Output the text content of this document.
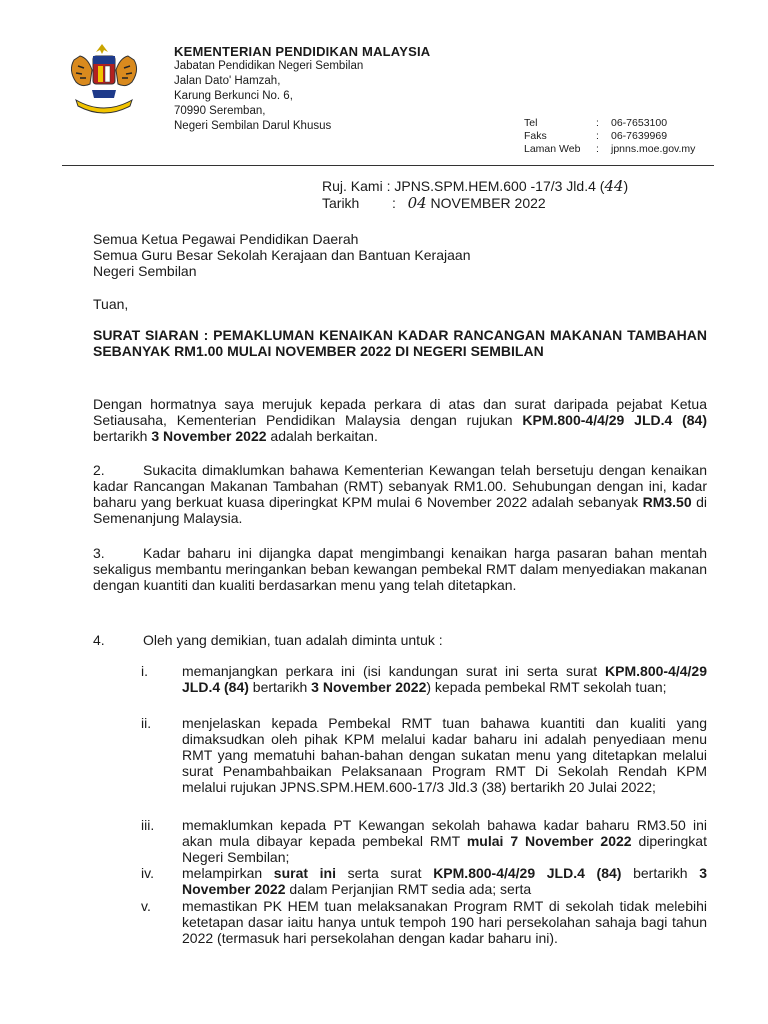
KEMENTERIAN PENDIDIKAN MALAYSIA
Jabatan Pendidikan Negeri Sembilan
Jalan Dato' Hamzah,
Karung Berkunci No. 6,
70990 Seremban,
Negeri Sembilan Darul Khusus	Tel	:	06-7653100
Faks	:	06-7639969
Laman Web	:	jpnns.moe.gov.my
Ruj. Kami
: JPNS.SPM.HEM.600 -17/3 Jld.4 ( 44 )
Tarikh	:
04
NOVEMBER 2022
Semua Ketua Pegawai Pendidikan Daerah
Semua Guru Besar Sekolah Kerajaan dan Bantuan Kerajaan
Negeri Sembilan
Tuan,
SURAT SIARAN : PEMAKLUMAN KENAIKAN KADAR RANCANGAN MAKANAN TAMBAHAN SEBANYAK RM1.00 MULAI NOVEMBER 2022 DI NEGERI SEMBILAN
Dengan hormatnya saya merujuk kepada perkara di atas dan surat daripada pejabat Ketua Setiausaha, Kementerian Pendidikan Malaysia dengan rujukan KPM.800-4/4/29 JLD.4 (84) bertarikh 3 November 2022 adalah berkaitan.
2.	Sukacita dimaklumkan bahawa Kementerian Kewangan telah bersetuju dengan kenaikan kadar Rancangan Makanan Tambahan (RMT) sebanyak RM1.00. Sehubungan dengan ini, kadar baharu yang berkuat kuasa diperingkat KPM mulai 6 November 2022 adalah sebanyak RM3.50 di Semenanjung Malaysia.
3.	Kadar baharu ini dijangka dapat mengimbangi kenaikan harga pasaran bahan mentah sekaligus membantu meringankan beban kewangan pembekal RMT dalam menyediakan makanan dengan kuantiti dan kualiti berdasarkan menu yang telah ditetapkan.
4.	Oleh yang demikian, tuan adalah diminta untuk :
i.	memanjangkan perkara ini (isi kandungan surat ini serta surat KPM.800-4/4/29 JLD.4 (84) bertarikh 3 November 2022) kepada pembekal RMT sekolah tuan;
ii.	menjelaskan kepada Pembekal RMT tuan bahawa kuantiti dan kualiti yang dimaksudkan oleh pihak KPM melalui kadar baharu ini adalah penyediaan menu RMT yang mematuhi bahan-bahan dengan sukatan menu yang ditetapkan melalui surat Penambahbaikan Pelaksanaan Program RMT Di Sekolah Rendah KPM melalui rujukan JPNS.SPM.HEM.600-17/3 Jld.3 (38) bertarikh 20 Julai 2022;
iii.	memaklumkan kepada PT Kewangan sekolah bahawa kadar baharu RM3.50 ini akan mula dibayar kepada pembekal RMT mulai 7 November 2022 diperingkat Negeri Sembilan;
iv.	melampirkan surat ini serta surat KPM.800-4/4/29 JLD.4 (84) bertarikh 3 November 2022 dalam Perjanjian RMT sedia ada; serta
v.	memastikan PK HEM tuan melaksanakan Program RMT di sekolah tidak melebihi ketetapan dasar iaitu hanya untuk tempoh 190 hari persekolahan sahaja bagi tahun 2022 (termasuk hari persekolahan dengan kadar baharu ini).
